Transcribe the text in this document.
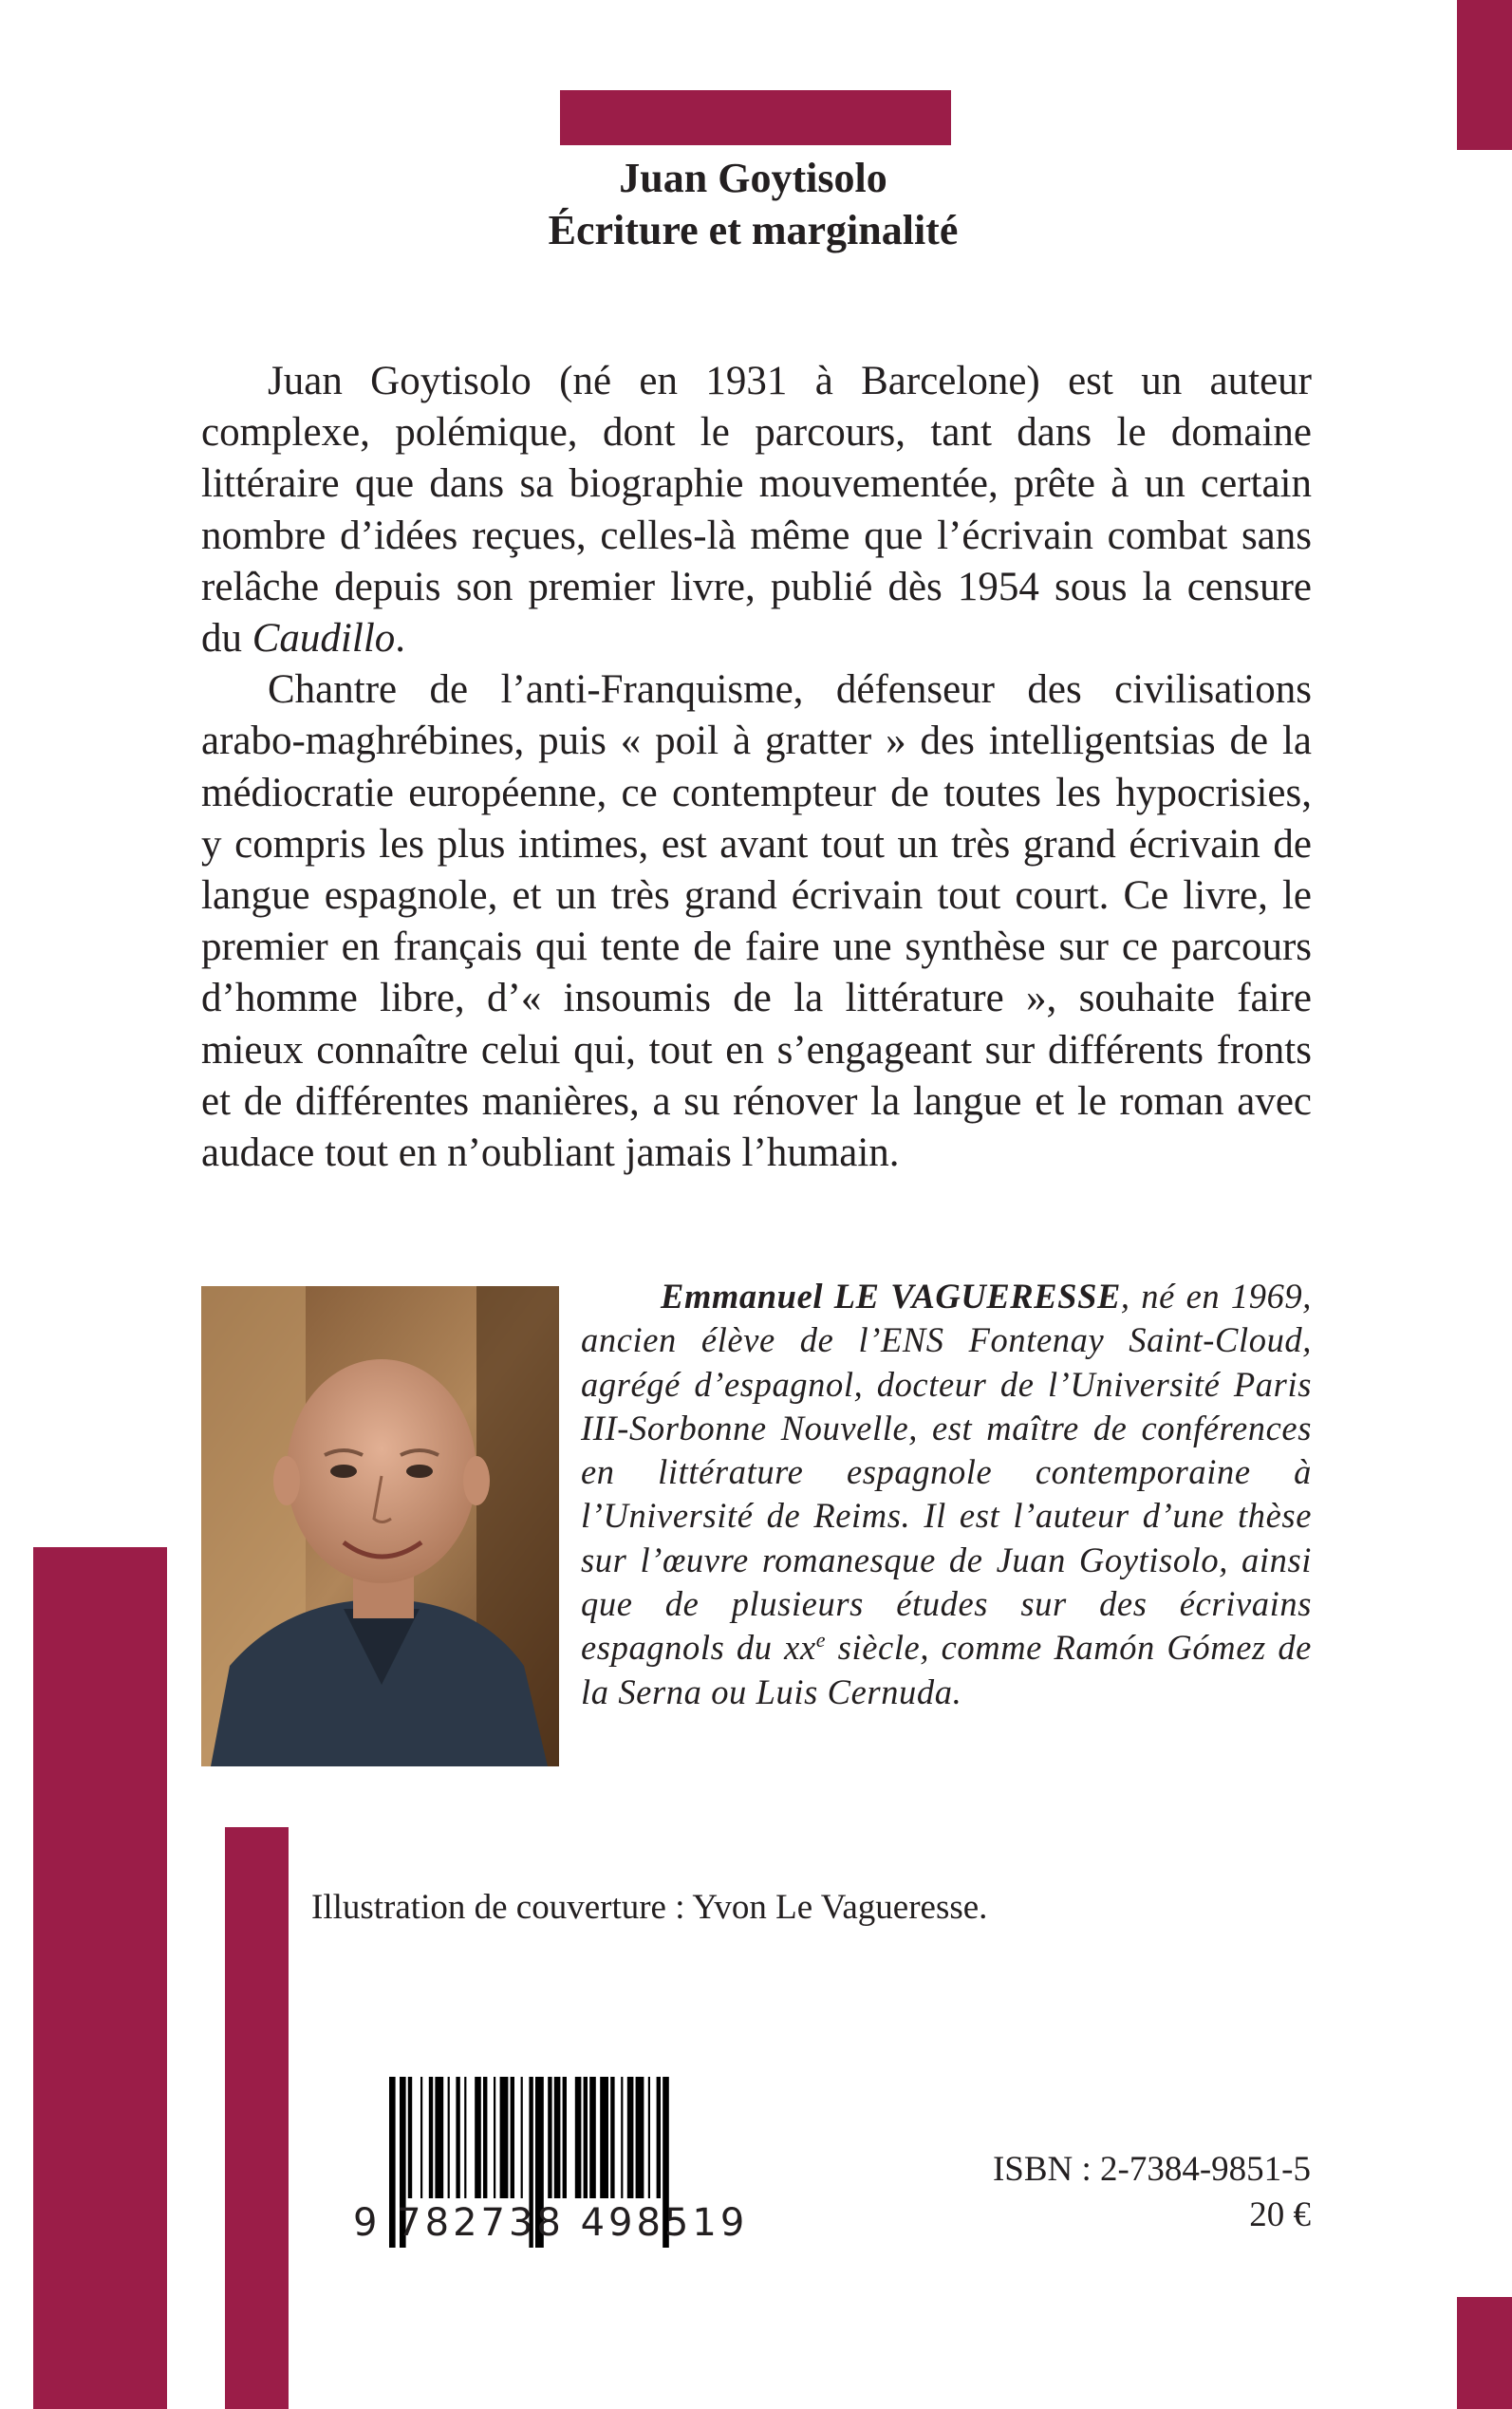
Juan Goytisolo
Écriture et marginalité

Juan Goytisolo (né en 1931 à Barcelone) est un auteur complexe, polémique, dont le parcours, tant dans le domaine littéraire que dans sa biographie mouvementée, prête à un certain nombre d’idées reçues, celles-là même que l’écrivain combat sans relâche depuis son premier livre, publié dès 1954 sous la censure du Caudillo.

Chantre de l’anti-Franquisme, défenseur des civilisations arabo-maghrébines, puis « poil à gratter » des intelligentsias de la médiocratie européenne, ce contempteur de toutes les hypocrisies, y compris les plus intimes, est avant tout un très grand écrivain de langue espagnole, et un très grand écrivain tout court. Ce livre, le premier en français qui tente de faire une synthèse sur ce parcours d’homme libre, d’« insoumis de la littérature », souhaite faire mieux connaître celui qui, tout en s’engageant sur différents fronts et de différentes manières, a su rénover la langue et le roman avec audace tout en n’oubliant jamais l’humain.

Emmanuel LE VAGUERESSE, né en 1969, ancien élève de l’ENS Fontenay Saint-Cloud, agrégé d’espagnol, docteur de l’Université Paris III-Sorbonne Nouvelle, est maître de conférences en littérature espagnole contemporaine à l’Université de Reims. Il est l’auteur d’une thèse sur l’œuvre romanesque de Juan Goytisolo, ainsi que de plusieurs études sur des écrivains espagnols du $xx^e$ siècle, comme Ramón Gómez de la Serna ou Luis Cernuda.
Illustration de couverture : Yvon Le Vagueresse.
9 782738 498519
ISBN : 2-7384-9851-5
20 €
